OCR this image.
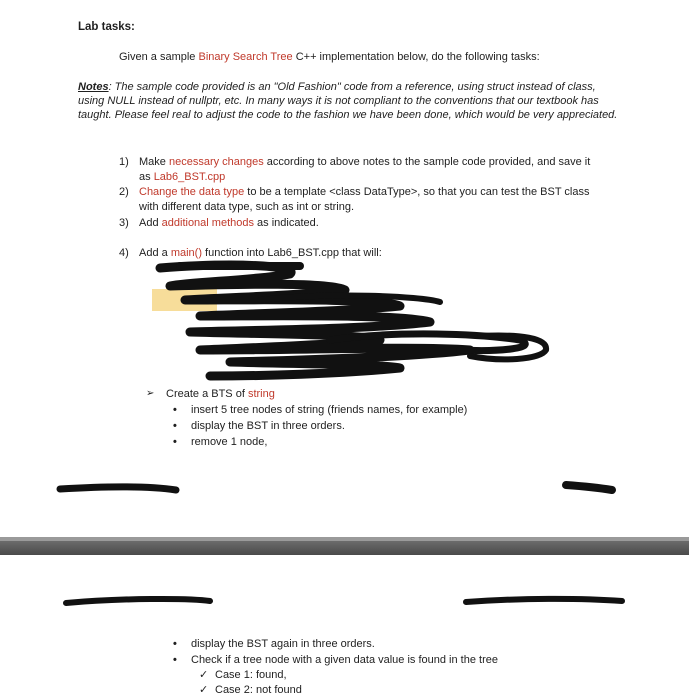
Lab tasks:
Given a sample Binary Search Tree C++ implementation below, do the following tasks:
Notes: The sample code provided is an "Old Fashion" code from a reference, using struct instead of class, using NULL instead of nullptr, etc. In many ways it is not compliant to the conventions that our textbook has taught. Please feel real to adjust the code to the fashion we have been done, which would be very appreciated.
1) Make necessary changes according to above notes to the sample code provided, and save it
as Lab6_BST.cpp
2) Change the data type to be a template <class DataType>, so that you can test the BST class
with different data type, such as int or string.
3) Add additional methods as indicated.
4) Add a main() function into Lab6_BST.cpp that will:
➢ Create a BTS of string
• insert 5 tree nodes of string (friends names, for example)
• display the BST in three orders.
• remove 1 node,
• display the BST again in three orders.
• Check if a tree node with a given data value is found in the tree
✓ Case 1: found,
✓ Case 2: not found
